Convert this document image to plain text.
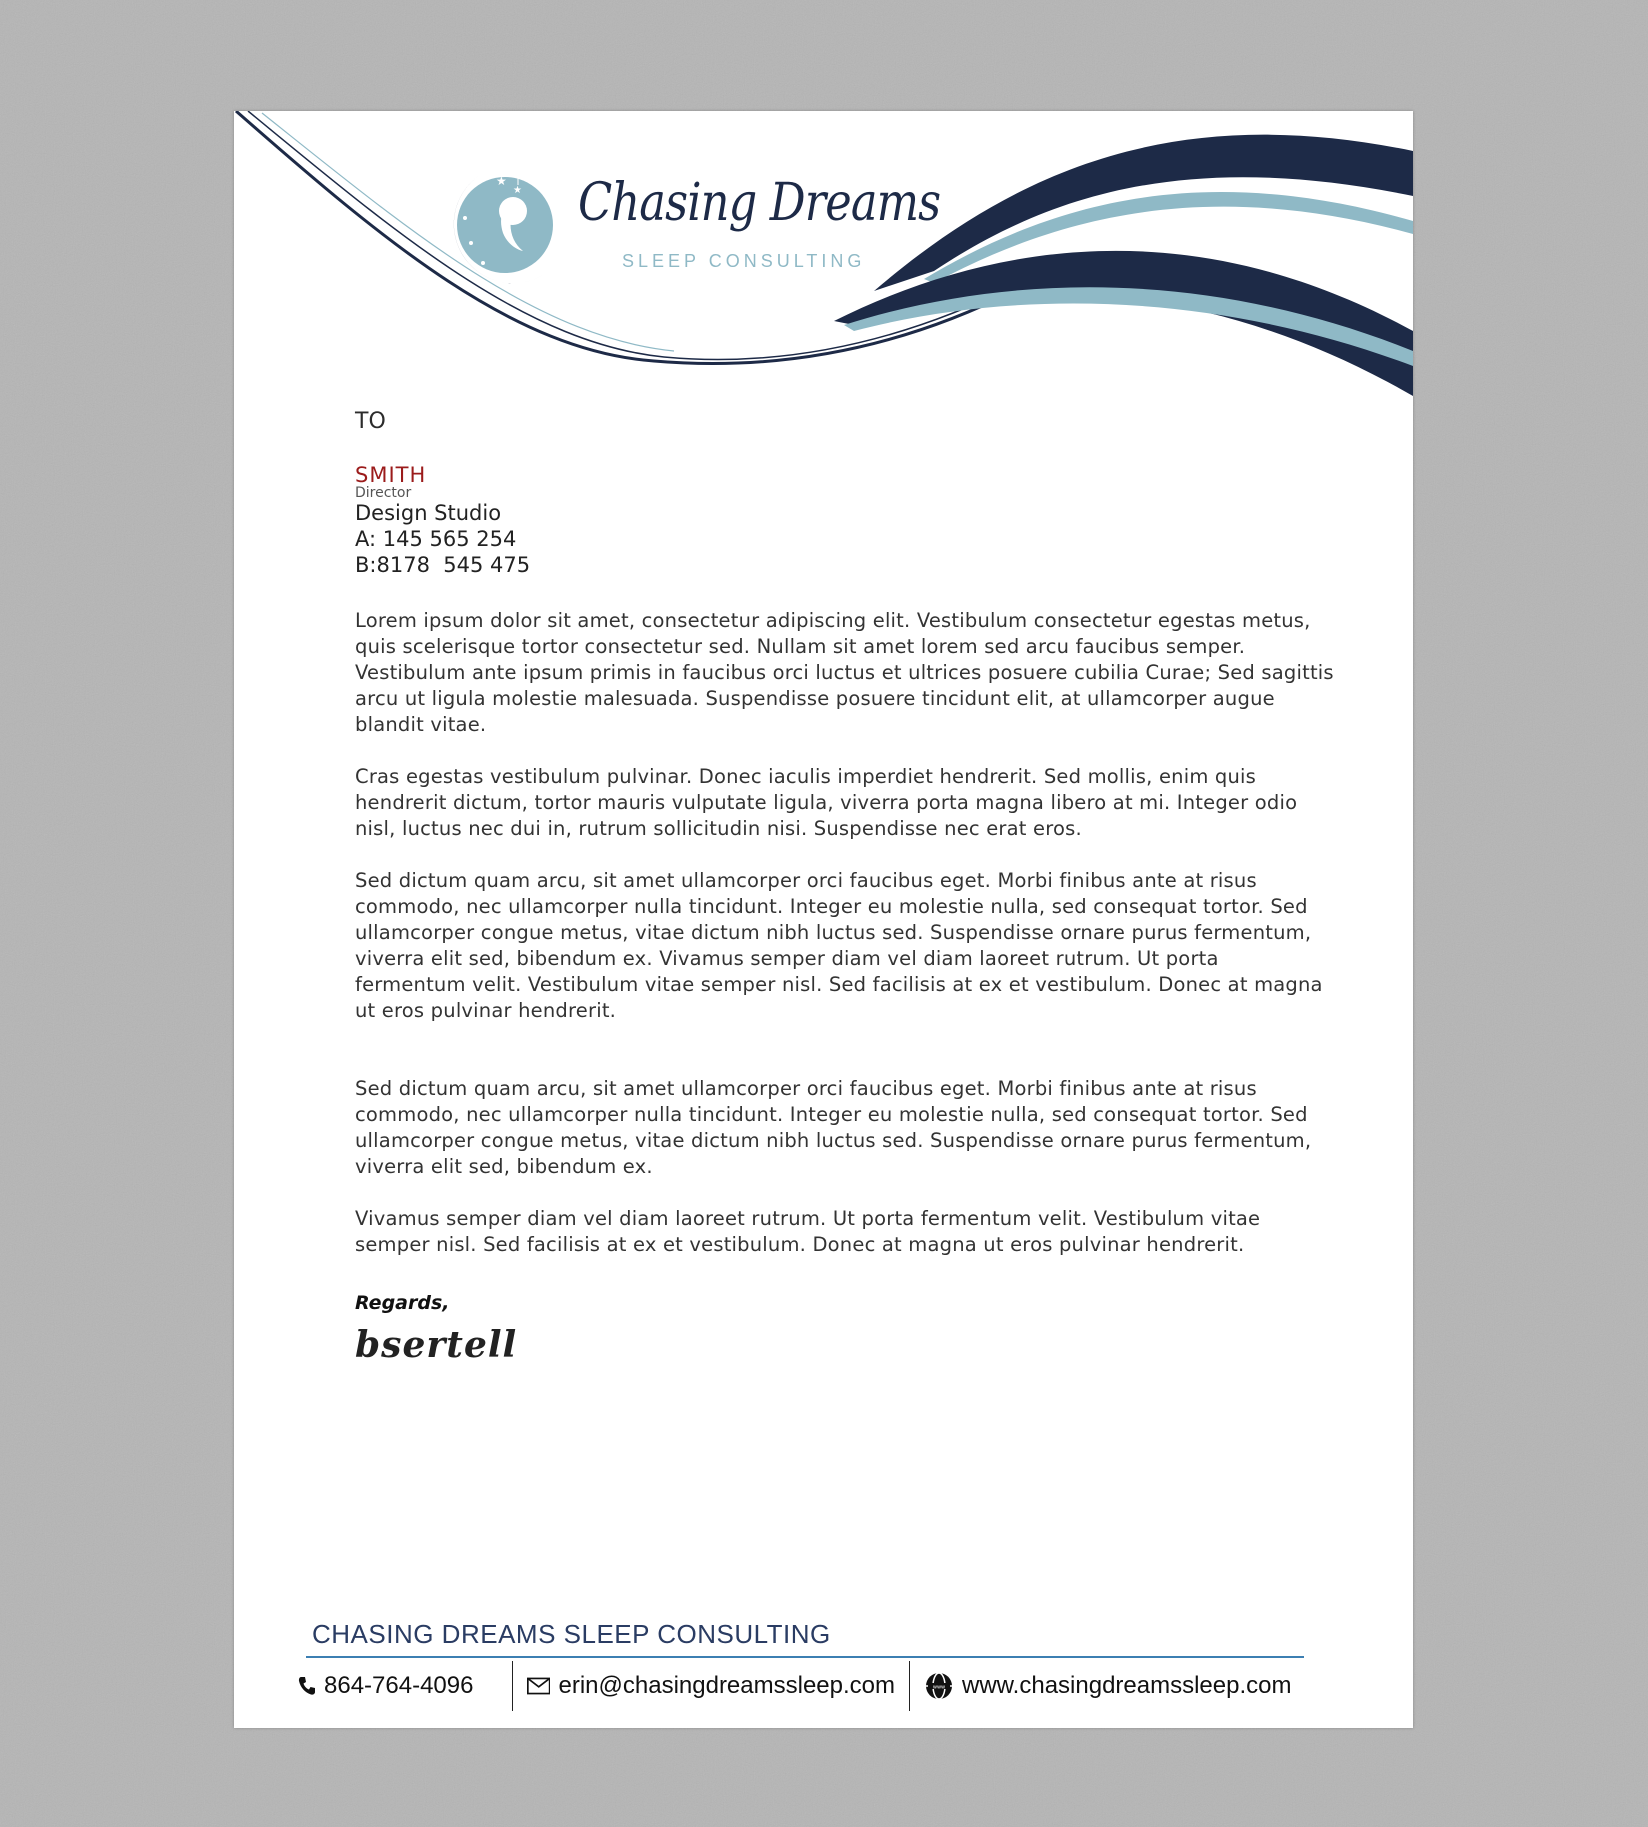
★
★
★ Chasing Dreams
SLEEP CONSULTING

TO

SMITH

Director

Design Studio

A: 145 565 254

B:8178  545 475

Lorem ipsum dolor sit amet, consectetur adipiscing elit. Vestibulum consectetur egestas metus, quis scelerisque tortor consectetur sed. Nullam sit amet lorem sed arcu faucibus semper. Vestibulum ante ipsum primis in faucibus orci luctus et ultrices posuere cubilia Curae; Sed sagittis arcu ut ligula molestie malesuada. Suspendisse posuere tincidunt elit, at ullamcorper augue blandit vitae.

Cras egestas vestibulum pulvinar. Donec iaculis imperdiet hendrerit. Sed mollis, enim quis hendrerit dictum, tortor mauris vulputate ligula, viverra porta magna libero at mi. Integer odio nisl, luctus nec dui in, rutrum sollicitudin nisi. Suspendisse nec erat eros.

Sed dictum quam arcu, sit amet ullamcorper orci faucibus eget. Morbi finibus ante at risus commodo, nec ullamcorper nulla tincidunt. Integer eu molestie nulla, sed consequat tortor. Sed ullamcorper congue metus, vitae dictum nibh luctus sed. Suspendisse ornare purus fermentum, viverra elit sed, bibendum ex. Vivamus semper diam vel diam laoreet rutrum. Ut porta fermentum velit. Vestibulum vitae semper nisl. Sed facilisis at ex et vestibulum. Donec at magna ut eros pulvinar hendrerit.

Sed dictum quam arcu, sit amet ullamcorper orci faucibus eget. Morbi finibus ante at risus commodo, nec ullamcorper nulla tincidunt. Integer eu molestie nulla, sed consequat tortor. Sed ullamcorper congue metus, vitae dictum nibh luctus sed. Suspendisse ornare purus fermentum, viverra elit sed, bibendum ex.

Vivamus semper diam vel diam laoreet rutrum. Ut porta fermentum velit. Vestibulum vitae semper nisl. Sed facilisis at ex et vestibulum. Donec at magna ut eros pulvinar hendrerit.

Regards,

bsertell

CHASING DREAMS SLEEP CONSULTING
864-764-4096	erin@chasingdreamssleep.com	www www.chasingdreamssleep.com
